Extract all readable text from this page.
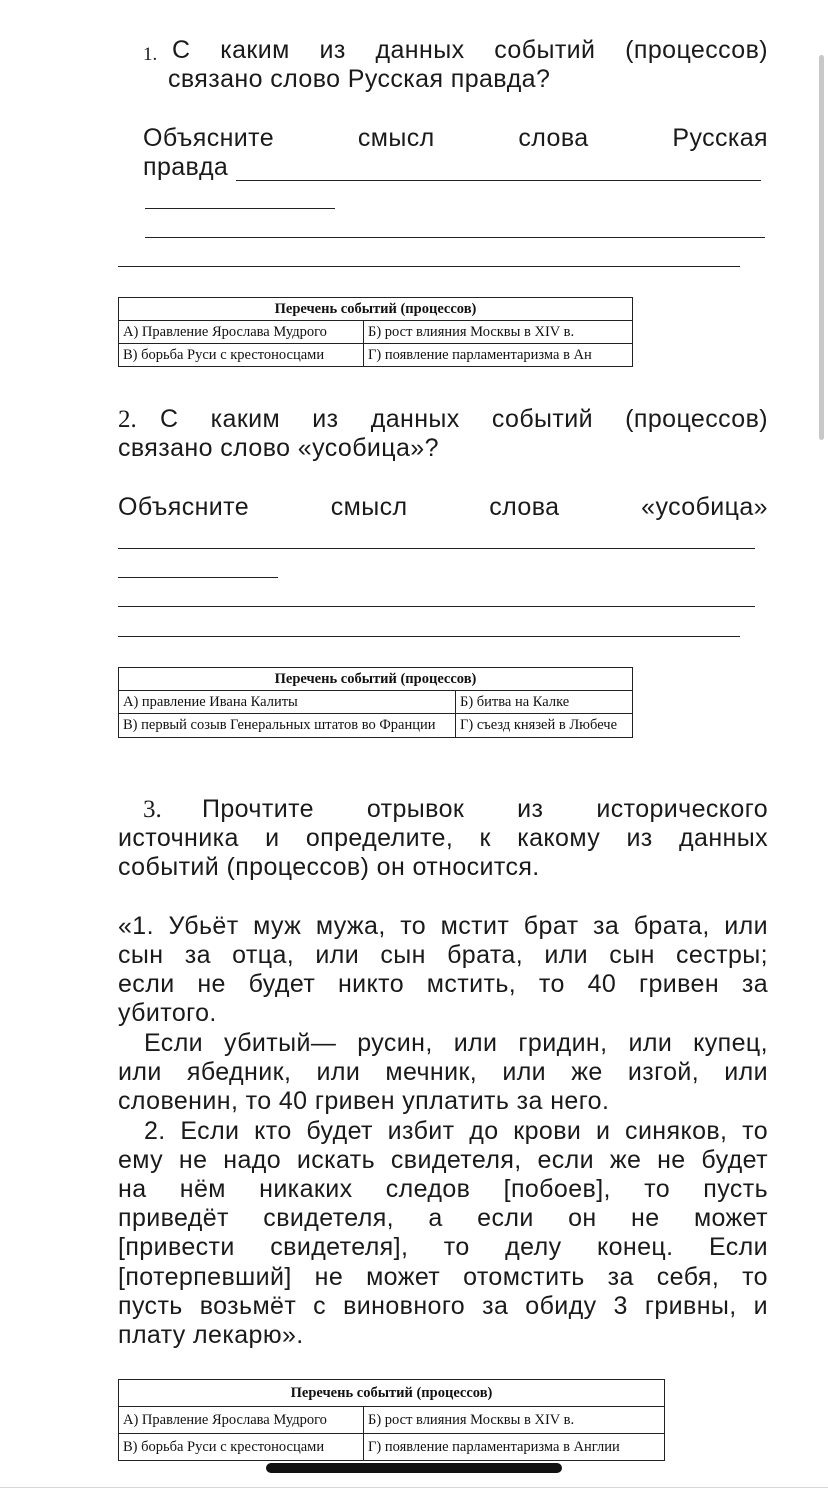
1. С каким из данных событий (процессов)
связано слово Русская правда?
Объясните смысл слова Русская
правда
Перечень событий (процессов)	
А) Правление Ярослава Мудрого	Б) рост влияния Москвы в XIV в.
В) борьба Руси с крестоносцами	Г) появление парламентаризма в Ан
2. С каким из данных событий (процессов)
связано слово «усобица»?
Объясните смысл слова «усобица»
Перечень событий (процессов)	
А) правление Ивана Калиты	Б) битва на Калке
В) первый созыв Генеральных штатов во Франции	Г) съезд князей в Любече
3. Прочтите отрывок из исторического
источника и определите, к какому из данных
событий (процессов) он относится.
«1. Убьёт муж мужа, то мстит брат за брата, или
сын за отца, или сын брата, или сын сестры;
если не будет никто мстить, то 40 гривен за
убитого.
Если убитый— русин, или гридин, или купец,
или ябедник, или мечник, или же изгой, или
словенин, то 40 гривен уплатить за него.
2. Если кто будет избит до крови и синяков, то
ему не надо искать свидетеля, если же не будет
на нём никаких следов [побоев], то пусть
приведёт свидетеля, а если он не может
[привести свидетеля], то делу конец. Если
[потерпевший] не может отомстить за себя, то
пусть возьмёт с виновного за обиду 3 гривны, и
плату лекарю».
Перечень событий (процессов)	
А) Правление Ярослава Мудрого	Б) рост влияния Москвы в XIV в.
В) борьба Руси с крестоносцами	Г) появление парламентаризма в Англии
